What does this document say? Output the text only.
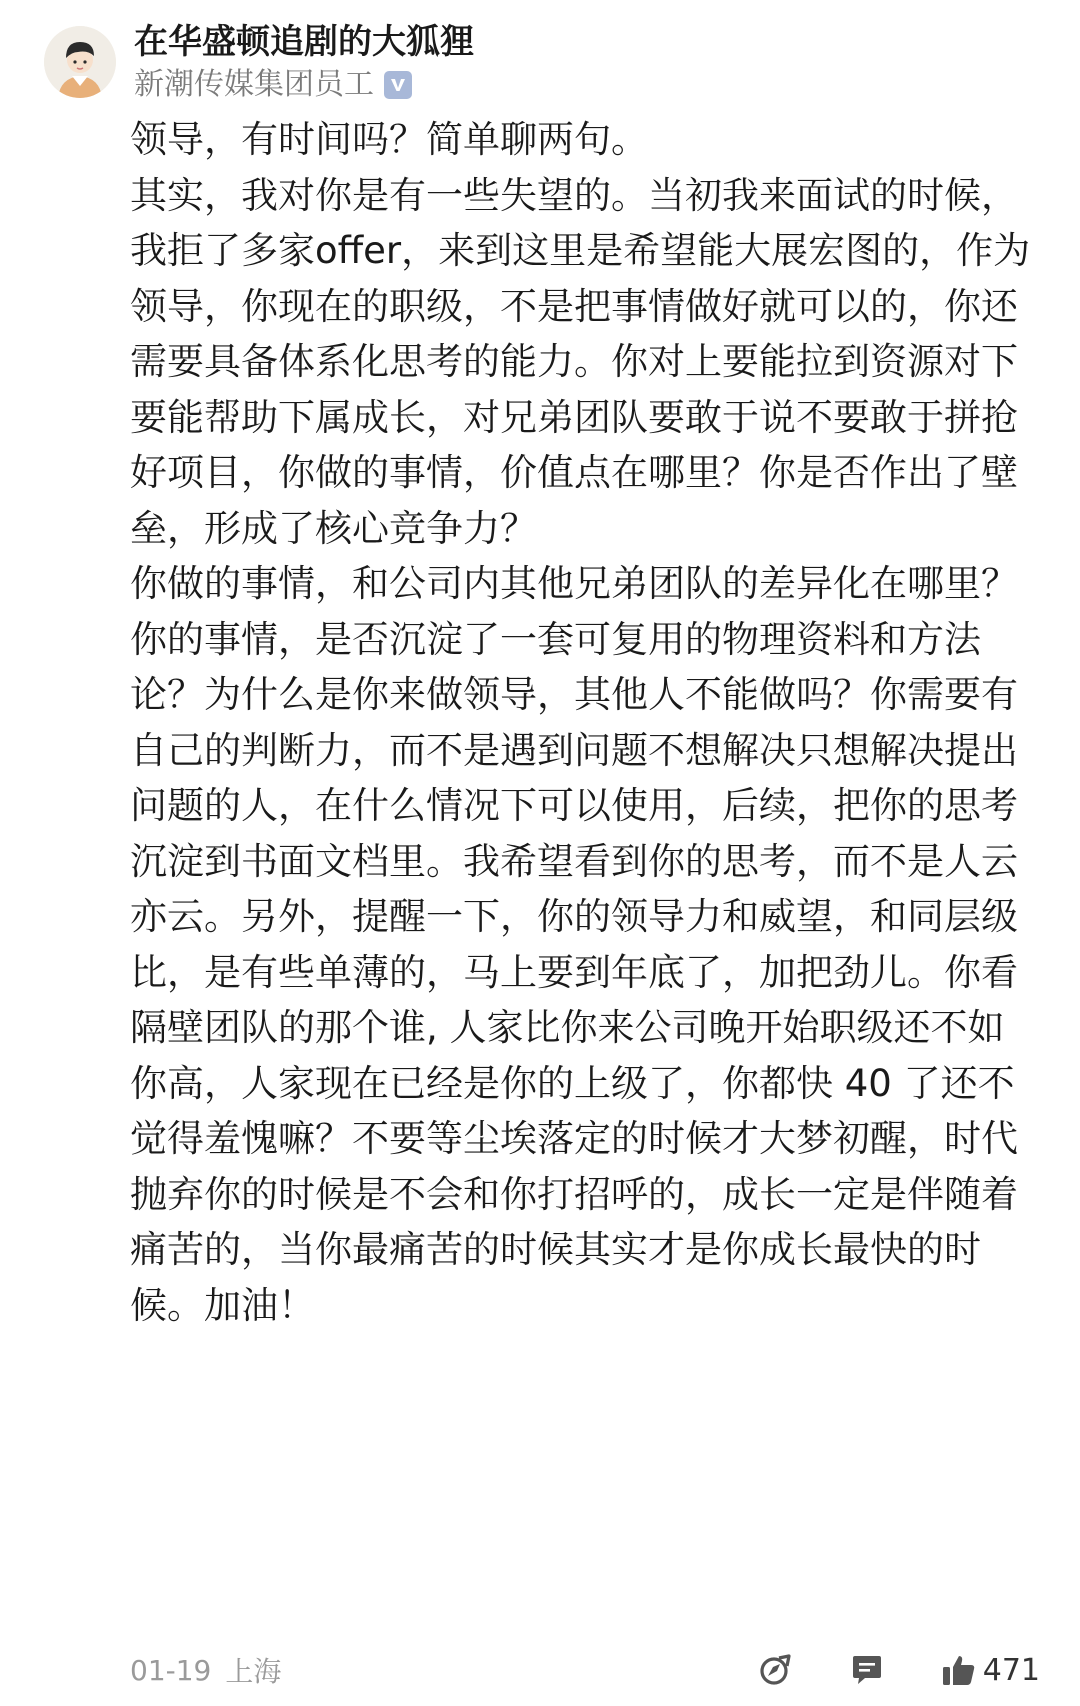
在华盛顿追剧的大狐狸
新潮传媒集团员工

领导，有时间吗？简单聊两句。

其实，我对你是有一些失望的。当初我来面试的时候，我拒了多家offer，来到这里是希望能大展宏图的，作为领导，你现在的职级，不是把事情做好就可以的，你还需要具备体系化思考的能力。你对上要能拉到资源对下要能帮助下属成长，对兄弟团队要敢于说不要敢于拼抢好项目，你做的事情，价值点在哪里？你是否作出了壁垒，形成了核心竞争力？

你做的事情，和公司内其他兄弟团队的差异化在哪里？你的事情，是否沉淀了一套可复用的物理资料和方法论？为什么是你来做领导，其他人不能做吗？你需要有自己的判断力，而不是遇到问题不想解决只想解决提出问题的人，在什么情况下可以使用，后续，把你的思考沉淀到书面文档里。我希望看到你的思考，而不是人云亦云。另外，提醒一下，你的领导力和威望，和同层级比，是有些单薄的，马上要到年底了，加把劲儿。你看隔壁团队的那个谁, 人家比你来公司晚开始职级还不如你高，人家现在已经是你的上级了，你都快 40 了还不觉得羞愧嘛？不要等尘埃落定的时候才大梦初醒，时代抛弃你的时候是不会和你打招呼的，成长一定是伴随着痛苦的，当你最痛苦的时候其实才是你成长最快的时候。加油！

01-19 上海	471
